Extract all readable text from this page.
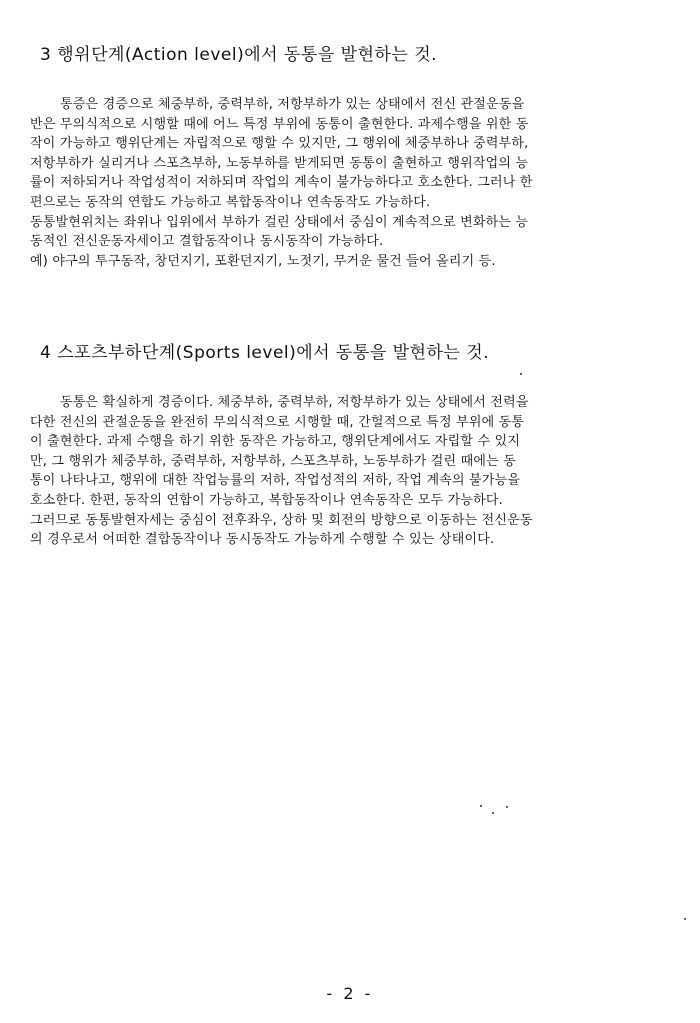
3 행위단계(Action level)에서 동통을 발현하는 것.

통증은 경증으로 체중부하, 중력부하, 저항부하가 있는 상태에서 전신 관절운동을
반은 무의식적으로 시행할 때에 어느 특정 부위에 동통이 출현한다. 과제수행을 위한 동
작이 가능하고 행위단계는 자립적으로 행할 수 있지만, 그 행위에 체중부하나 중력부하,
저항부하가 실리거나 스포츠부하, 노동부하를 받게되면 동통이 출현하고 행위작업의 능
률이 저하되거나 작업성적이 저하되며 작업의 계속이 불가능하다고 호소한다. 그러나 한
편으로는 동작의 연합도 가능하고 복합동작이나 연속동작도 가능하다.
동통발현위치는 좌위나 입위에서 부하가 걸린 상태에서 중심이 계속적으로 변화하는 능
동적인 전신운동자세이고 결합동작이나 동시동작이 가능하다.
예) 야구의 투구동작, 창던지기, 포환던지기, 노젓기, 무거운 물건 들어 올리기 등.

4 스포츠부하단계(Sports level)에서 동통을 발현하는 것.

동통은 확실하게 경증이다. 체중부하, 중력부하, 저항부하가 있는 상태에서 전력을
다한 전신의 관절운동을 완전히 무의식적으로 시행할 때, 간헐적으로 특정 부위에 동통
이 출현한다. 과제 수행을 하기 위한 동작은 가능하고, 행위단계에서도 자립할 수 있지
만, 그 행위가 체중부하, 중력부하, 저항부하, 스포츠부하, 노동부하가 걸린 때에는 동
통이 나타나고, 행위에 대한 작업능률의 저하, 작업성적의 저하, 작업 계속의 불가능을
호소한다. 한편, 동작의 연합이 가능하고, 복합동작이나 연속동작은 모두 가능하다.
그러므로 동통발현자세는 중심이 전후좌우, 상하 및 회전의 방향으로 이동하는 전신운동
의 경우로서 어떠한 결합동작이나 동시동작도 가능하게 수행할 수 있는 상태이다.

- 2 -
